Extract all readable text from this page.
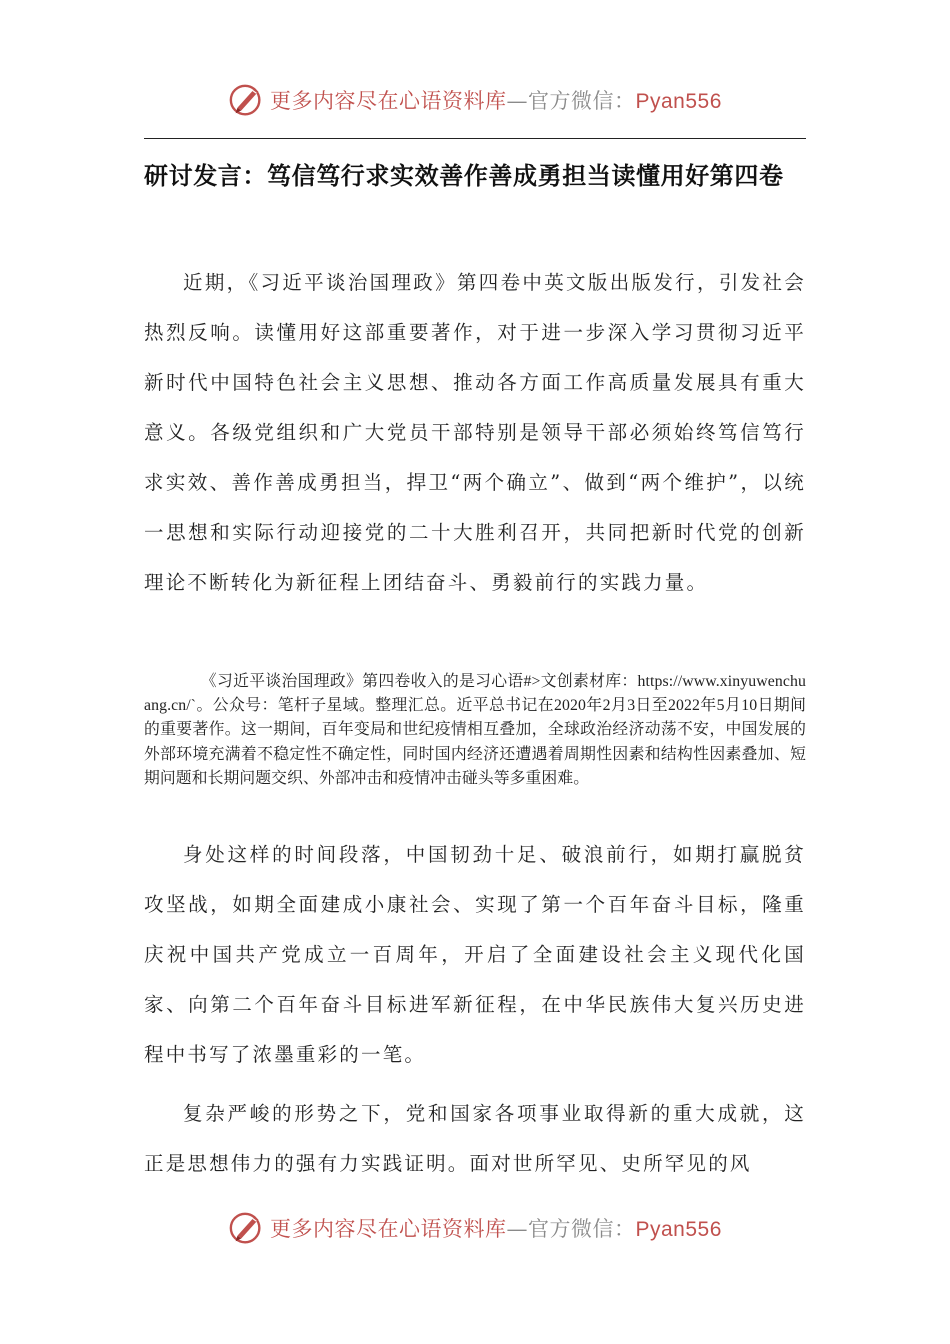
更多内容尽在心语资料库—官方微信：Pyan556
研讨发言：笃信笃行求实效善作善成勇担当读懂用好第四卷
近期，《习近平谈治国理政》第四卷中英文版出版发行，引发社会热烈反响。读懂用好这部重要著作，对于进一步深入学习贯彻习近平新时代中国特色社会主义思想、推动各方面工作高质量发展具有重大意义。各级党组织和广大党员干部特别是领导干部必须始终笃信笃行求实效、善作善成勇担当，捍卫“两个确立”、做到“两个维护”，以统一思想和实际行动迎接党的二十大胜利召开，共同把新时代党的创新理论不断转化为新征程上团结奋斗、勇毅前行的实践力量。
《习近平谈治国理政》第四卷收入的是习心语#>文创素材库：https://www.xinyuwenchuang.cn/`。公众号：笔杆子星域。整理汇总。近平总书记在2020年2月3日至2022年5月10日期间的重要著作。这一期间，百年变局和世纪疫情相互叠加，全球政治经济动荡不安，中国发展的外部环境充满着不稳定性不确定性，同时国内经济还遭遇着周期性因素和结构性因素叠加、短期问题和长期问题交织、外部冲击和疫情冲击碰头等多重困难。
身处这样的时间段落，中国韧劲十足、破浪前行，如期打赢脱贫攻坚战，如期全面建成小康社会、实现了第一个百年奋斗目标，隆重庆祝中国共产党成立一百周年，开启了全面建设社会主义现代化国家、向第二个百年奋斗目标进军新征程，在中华民族伟大复兴历史进程中书写了浓墨重彩的一笔。
复杂严峻的形势之下，党和国家各项事业取得新的重大成就，这正是思想伟力的强有力实践证明。面对世所罕见、史所罕见的风
更多内容尽在心语资料库—官方微信：Pyan556
